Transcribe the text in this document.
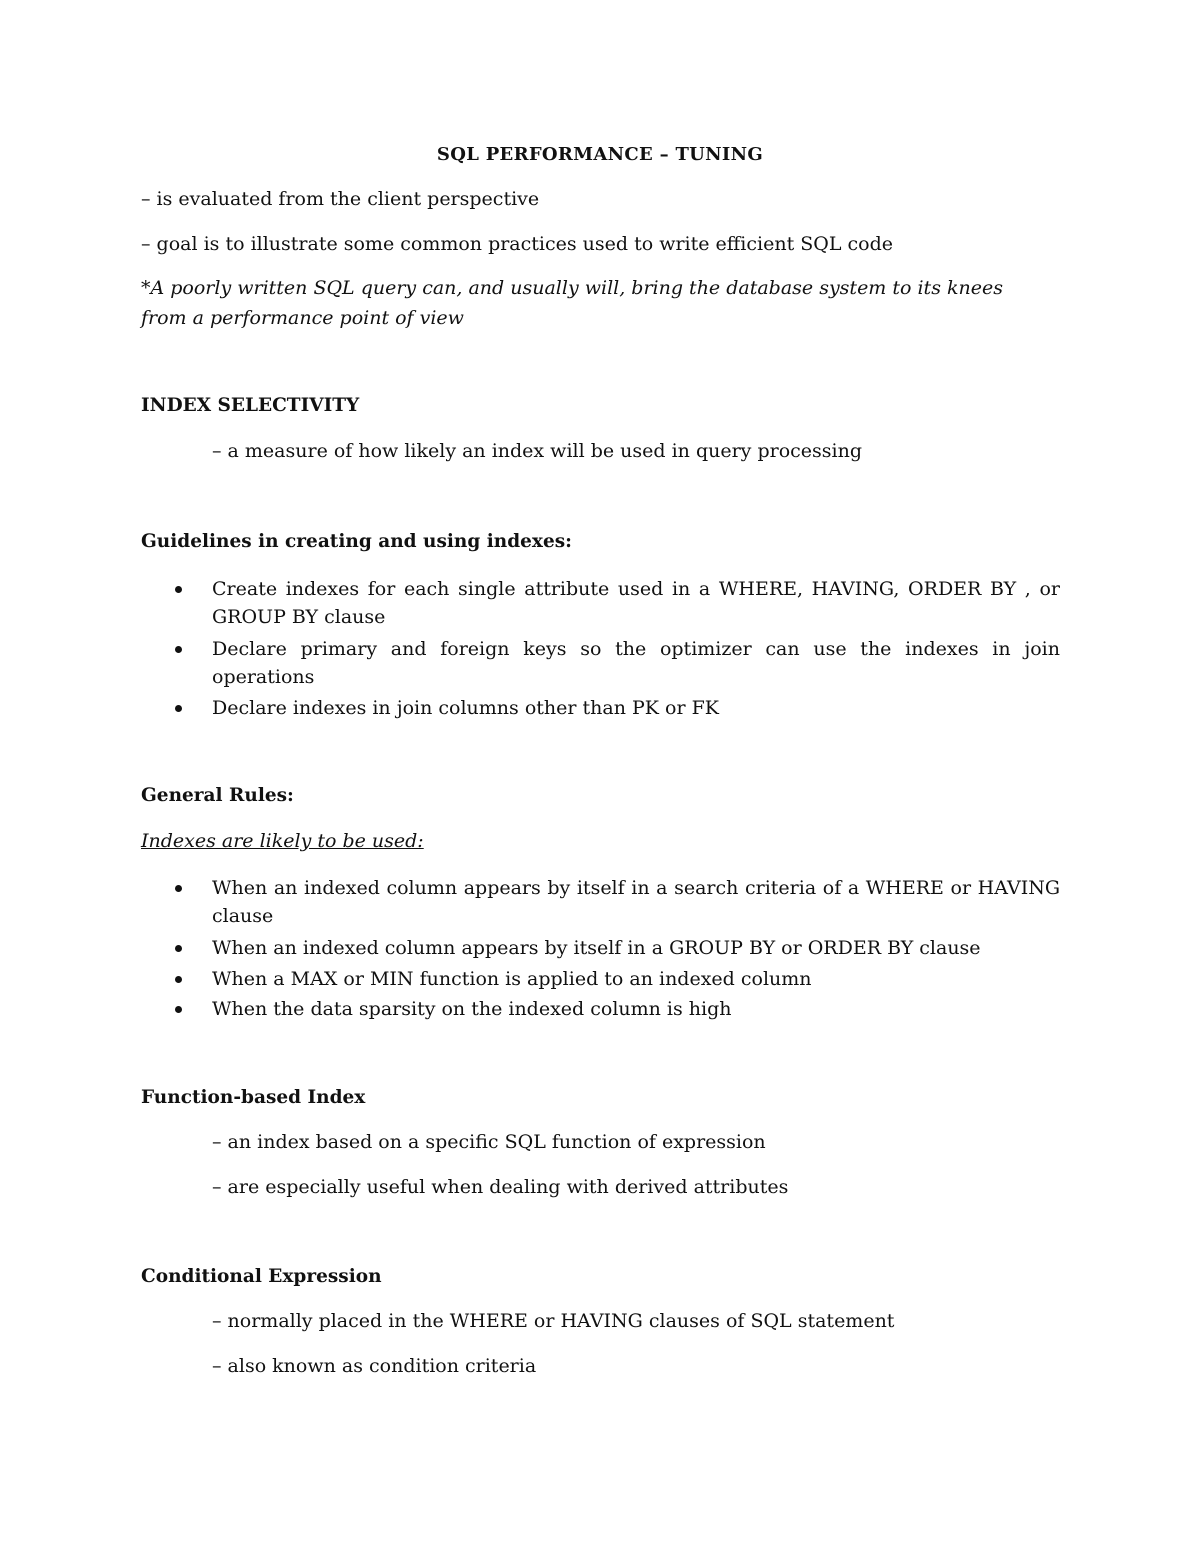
SQL PERFORMANCE – TUNING
– is evaluated from the client perspective
– goal is to illustrate some common practices used to write efficient SQL code
*A poorly written SQL query can, and usually will, bring the database system to its knees
from a performance point of view
INDEX SELECTIVITY
– a measure of how likely an index will be used in query processing
Guidelines in creating and using indexes:
Create indexes for each single attribute used in a WHERE, HAVING, ORDER BY , or GROUP BY clause
Declare primary and foreign keys so the optimizer can use the indexes in join operations
Declare indexes in join columns other than PK or FK
General Rules:
Indexes are likely to be used:
When an indexed column appears by itself in a search criteria of a WHERE or HAVING clause
When an indexed column appears by itself in a GROUP BY or ORDER BY clause
When a MAX or MIN function is applied to an indexed column
When the data sparsity on the indexed column is high
Function-based Index
– an index based on a specific SQL function of expression
– are especially useful when dealing with derived attributes
Conditional Expression
– normally placed in the WHERE or HAVING clauses of SQL statement
– also known as condition criteria
